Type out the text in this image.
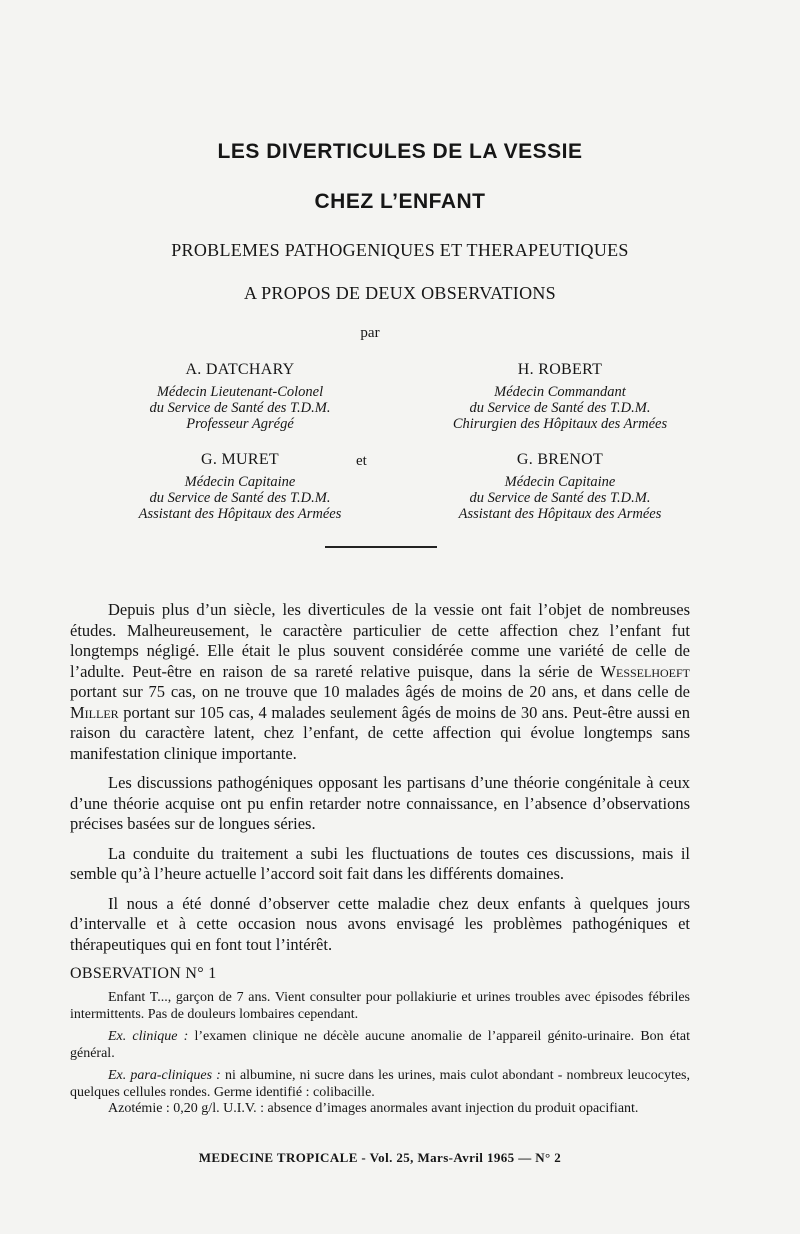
LES DIVERTICULES DE LA VESSIE
CHEZ L’ENFANT
PROBLEMES PATHOGENIQUES ET THERAPEUTIQUES
A PROPOS DE DEUX OBSERVATIONS
par
A. DATCHARY
Médecin Lieutenant-Colonel
du Service de Santé des T.D.M.
Professeur Agrégé
H. ROBERT
Médecin Commandant
du Service de Santé des T.D.M.
Chirurgien des Hôpitaux des Armées
et
G. MURET
Médecin Capitaine
du Service de Santé des T.D.M.
Assistant des Hôpitaux des Armées
G. BRENOT
Médecin Capitaine
du Service de Santé des T.D.M.
Assistant des Hôpitaux des Armées

Depuis plus d’un siècle, les diverticules de la vessie ont fait l’objet de nombreuses études. Malheureusement, le caractère particulier de cette affection chez l’enfant fut longtemps négligé. Elle était le plus souvent considérée comme une variété de celle de l’adulte. Peut-être en raison de sa rareté relative puisque, dans la série de Wesselhoeft portant sur 75 cas, on ne trouve que 10 malades âgés de moins de 20 ans, et dans celle de Miller portant sur 105 cas, 4 malades seulement âgés de moins de 30 ans. Peut-être aussi en raison du caractère latent, chez l’enfant, de cette affection qui évolue longtemps sans manifestation clinique importante.

Les discussions pathogéniques opposant les partisans d’une théorie congénitale à ceux d’une théorie acquise ont pu enfin retarder notre connaissance, en l’absence d’observations précises basées sur de longues séries.

La conduite du traitement a subi les fluctuations de toutes ces discussions, mais il semble qu’à l’heure actuelle l’accord soit fait dans les différents domaines.

Il nous a été donné d’observer cette maladie chez deux enfants à quelques jours d’intervalle et à cette occasion nous avons envisagé les problèmes pathogéniques et thérapeutiques qui en font tout l’intérêt.

OBSERVATION N° 1

Enfant T..., garçon de 7 ans. Vient consulter pour pollakiurie et urines troubles avec épisodes fébriles intermittents. Pas de douleurs lombaires cependant.

Ex. clinique : l’examen clinique ne décèle aucune anomalie de l’appareil génito-urinaire. Bon état général.

Ex. para-cliniques : ni albumine, ni sucre dans les urines, mais culot abondant - nombreux leucocytes, quelques cellules rondes. Germe identifié : colibacille.

Azotémie : 0,20 g/l. U.I.V. : absence d’images anormales avant injection du produit opacifiant.

MEDECINE TROPICALE - Vol. 25, Mars-Avril 1965 — N° 2
